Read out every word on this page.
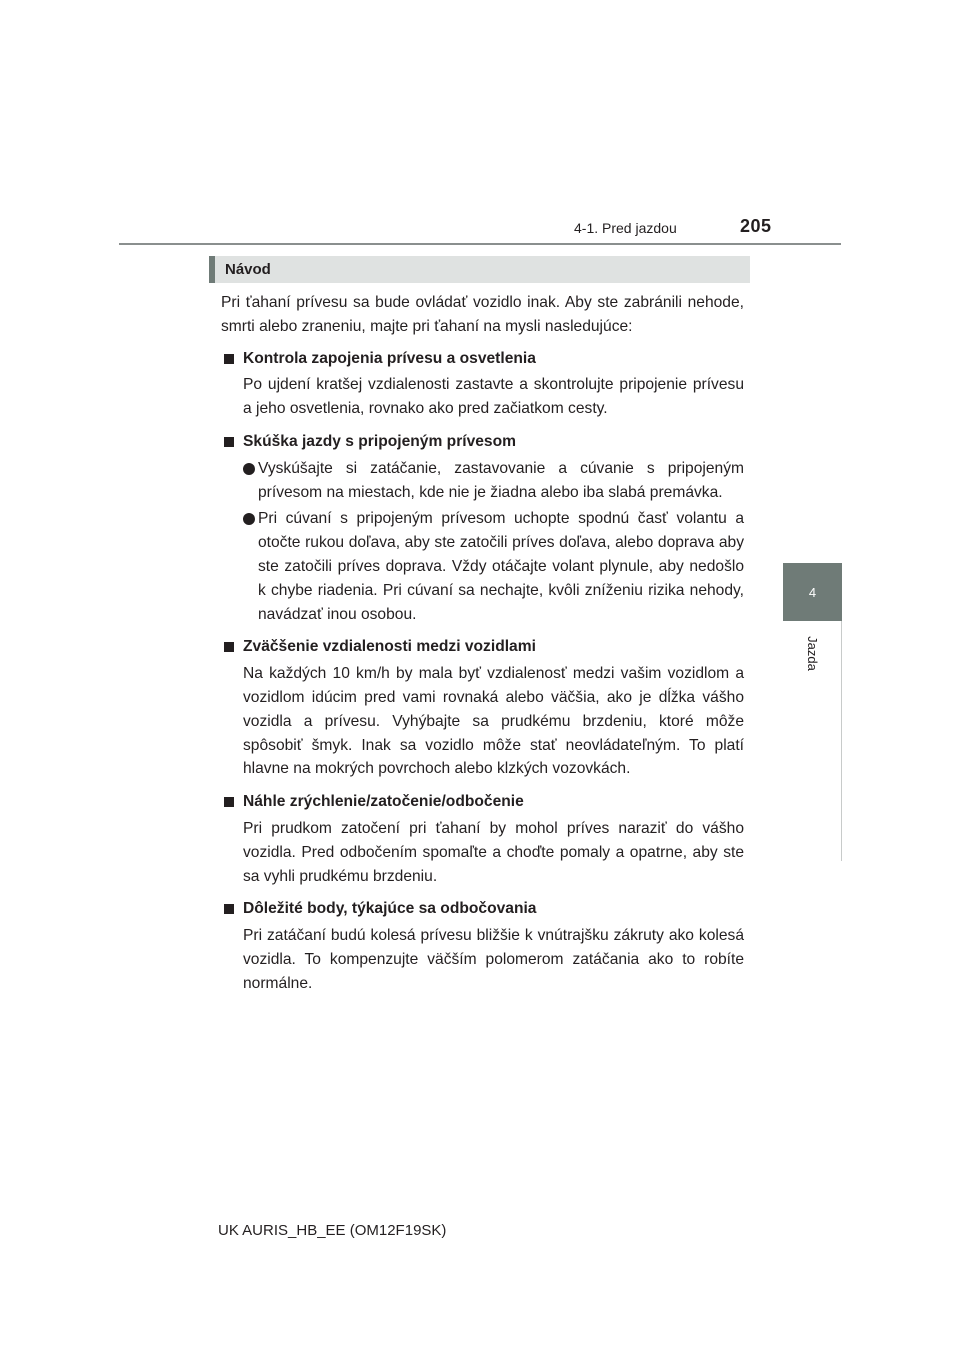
4-1. Pred jazdou	205
4
Jazda
Návod

Pri ťahaní prívesu sa bude ovládať vozidlo inak. Aby ste zabránili nehode, smrti alebo zraneniu, majte pri ťahaní na mysli nasledujúce:

Kontrola zapojenia prívesu a osvetlenia

Po ujdení kratšej vzdialenosti zastavte a skontrolujte pripojenie prívesu a jeho osvetlenia, rovnako ako pred začiatkom cesty.

Skúška jazdy s pripojeným prívesom

Vyskúšajte si zatáčanie, zastavovanie a cúvanie s pripojeným prívesom na miestach, kde nie je žiadna alebo iba slabá premávka.

Pri cúvaní s pripojeným prívesom uchopte spodnú časť volantu a otočte rukou doľava, aby ste zatočili príves doľava, alebo doprava aby ste zatočili príves doprava. Vždy otáčajte volant plynule, aby nedošlo k chybe riadenia. Pri cúvaní sa nechajte, kvôli zníženiu rizika nehody, navádzať inou osobou.

Zväčšenie vzdialenosti medzi vozidlami

Na každých 10 km/h by mala byť vzdialenosť medzi vašim vozidlom a vozidlom idúcim pred vami rovnaká alebo väčšia, ako je dĺžka vášho vozidla a prívesu. Vyhýbajte sa prudkému brzdeniu, ktoré môže spôsobiť šmyk. Inak sa vozidlo môže stať neovládateľným. To platí hlavne na mokrých povrchoch alebo klzkých vozovkách.

Náhle zrýchlenie/zatočenie/odbočenie

Pri prudkom zatočení pri ťahaní by mohol príves naraziť do vášho vozidla. Pred odbočením spomaľte a choďte pomaly a opatrne, aby ste sa vyhli prudkému brzdeniu.

Dôležité body, týkajúce sa odbočovania

Pri zatáčaní budú kolesá prívesu bližšie k vnútrajšku zákruty ako kolesá vozidla. To kompenzujte väčším polomerom zatáčania ako to robíte normálne.

UK AURIS_HB_EE (OM12F19SK)
